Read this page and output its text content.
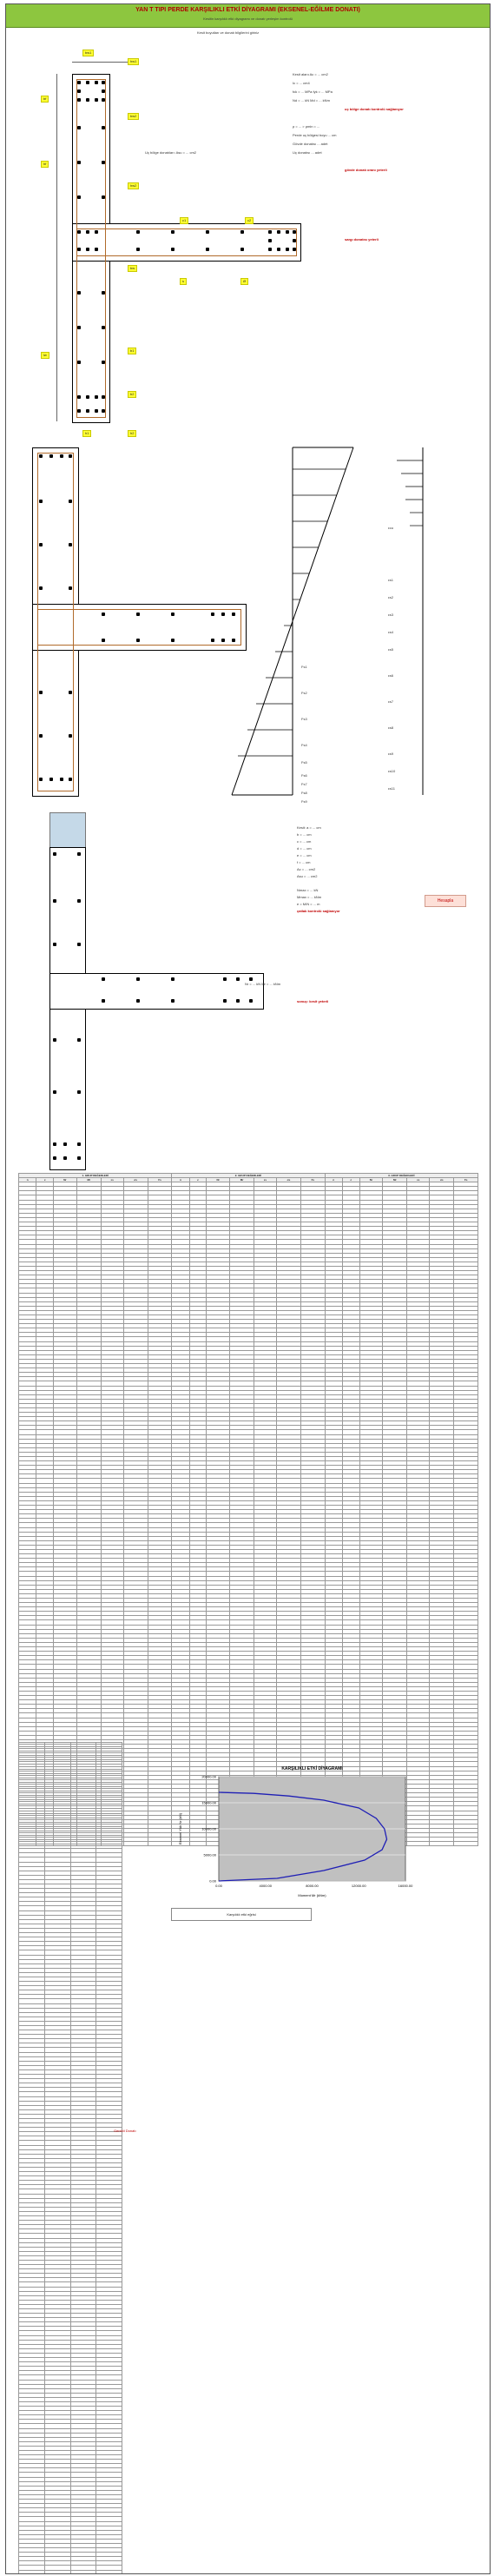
YAN T TIPI PERDE KARŞILIKLI ETKİ DİYAGRAMI (EKSENEL-EĞİLME DONATI)
Kesitin karşılıklı etki diyagramı ve donatı yerleşim kontrolü
Kesit boyutları ve donatı bilgilerini giriniz
bw1
hw1
bf
hf
bw2
hw2
c1	c2
s	Ø
bw
lw
b1
b2
h1	h2
Uç bölge donatıları: Asu = ... cm2
Kesit alanı Ac = ... cm2
Ic = ... cm4
fck = ... MPa fyk = ... MPa
Nd = ... kN Md = ... kNm
ρ = ... > ρmin = ...
Perde uç bölgesi boyu ... cm
Gövde donatısı ... adet
Uç donatısı ... adet
uç bölge donatı kontrolü sağlanıyor
gövde donatı oranı yeterli
sargı donatısı yeterli
εcu
εs1
εs2
εs3
εs4
εs5
εs6
εs7
εs8
εs9
εs10
εs11
Fs1
Fs2
Fs3
Fs4
Fs5
Fs6
Fs7
Fs8
Fs9
Kesit: a = ... cm
b = ... cm
c = ... cm
d = ... cm
e = ... cm
f = ... cm
Ac = ... cm2
Asu = ... cm2
Nmax = ... kN
Mmax = ... kNm
e = M/N = ... m
çatlak kontrolü sağlanıyor
Nr = ... kN Mr = ... kNm
sonuç: kesit yeterli
Hesapla
1. GRUP DEĞERLERİ							2. GRUP DEĞERLERİ							3. GRUP DEĞERLERİ						
n	c	Nr	Mr	εs	σs	Fs	n	c	Nr	Mr	εs	σs	Fs	n	c	Nr	Mr	εs	σs	Fs

Gerekli Donatı
0.00
5000.00
10000.00
15000.00
20000.00
0.00	4000.00	8000.00	12000.00	16000.00
KARŞILIKLI ETKİ DİYAGRAMI
Moment Mr (kNm)
Eksenel Yük Nr (kN)
Karşılıklı etki eğrisi
